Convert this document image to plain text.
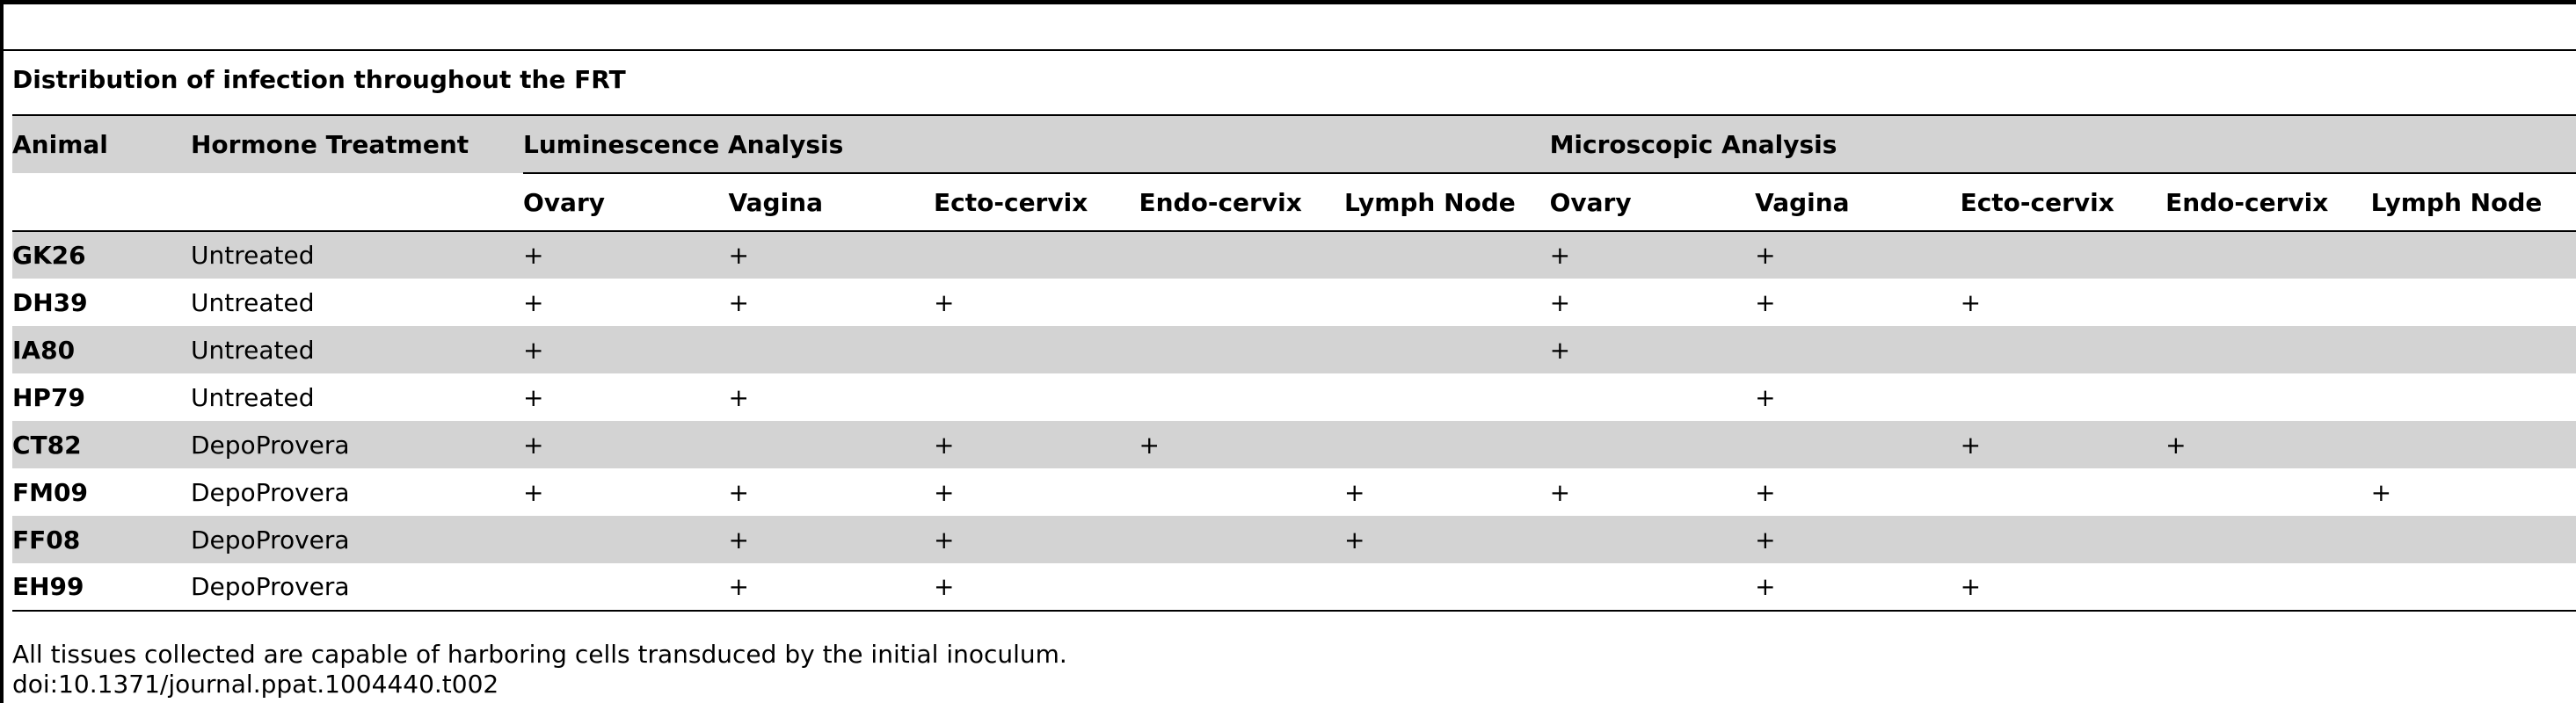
Distribution of infection throughout the FRT
Animal	Hormone Treatment	Luminescence Analysis					Microscopic Analysis				
		Ovary	Vagina	Ecto-cervix	Endo-cervix	Lymph Node	Ovary	Vagina	Ecto-cervix	Endo-cervix	Lymph Node
GK26	Untreated	+	+				+	+			
DH39	Untreated	+	+	+			+	+	+		
IA80	Untreated	+					+				
HP79	Untreated	+	+					+			
CT82	DepoProvera	+		+	+				+	+	
FM09	DepoProvera	+	+	+		+	+	+			+
FF08	DepoProvera		+	+		+		+			
EH99	DepoProvera		+	+				+	+		
All tissues collected are capable of harboring cells transduced by the initial inoculum.
doi:10.1371/journal.ppat.1004440.t002
